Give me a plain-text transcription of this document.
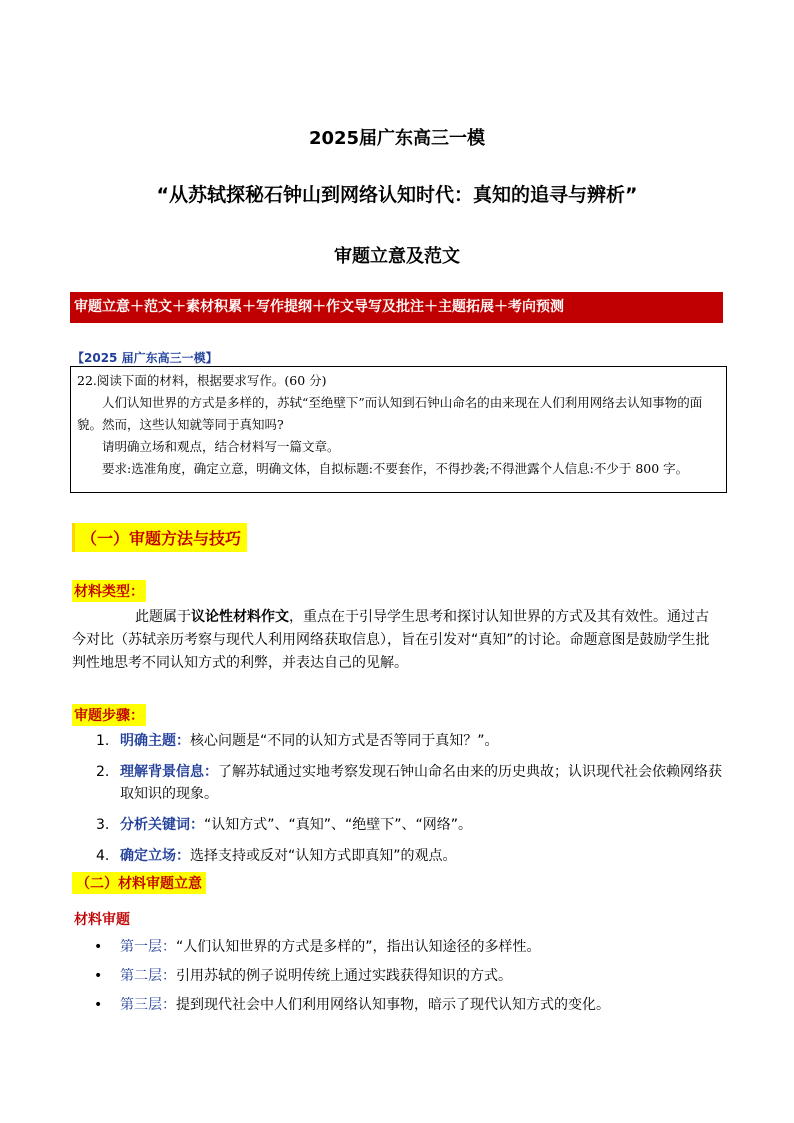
2025届广东高三一模
“从苏轼探秘石钟山到网络认知时代：真知的追寻与辨析”
审题立意及范文
审题立意＋范文＋素材积累＋写作提纲＋作文导写及批注＋主题拓展＋考向预测
【2025 届广东高三一模】

22.阅读下面的材料，根据要求写作。(60 分)

人们认知世界的方式是多样的，苏轼“至绝壁下”而认知到石钟山命名的由来现在人们利用网络去认知事物的面貌。然而，这些认知就等同于真知吗?

请明确立场和观点，结合材料写一篇文章。

要求:选准角度，确定立意，明确文体，自拟标题:不要套作，不得抄袭;不得泄露个人信息:不少于 800 字。

（一）审题方法与技巧
材料类型：
此题属于议论性材料作文，重点在于引导学生思考和探讨认知世界的方式及其有效性。通过古今对比（苏轼亲历考察与现代人利用网络获取信息），旨在引发对“真知”的讨论。命题意图是鼓励学生批判性地思考不同认知方式的利弊，并表达自己的见解。
审题步骤：
1. 明确主题：核心问题是“不同的认知方式是否等同于真知？”。
2. 理解背景信息：了解苏轼通过实地考察发现石钟山命名由来的历史典故；认识现代社会依赖网络获取知识的现象。
3. 分析关键词：“认知方式”、“真知”、“绝壁下”、“网络”。
4. 确定立场：选择支持或反对“认知方式即真知”的观点。
（二）材料审题立意
材料审题
• 第一层：“人们认知世界的方式是多样的”，指出认知途径的多样性。
• 第二层：引用苏轼的例子说明传统上通过实践获得知识的方式。
• 第三层：提到现代社会中人们利用网络认知事物，暗示了现代认知方式的变化。
